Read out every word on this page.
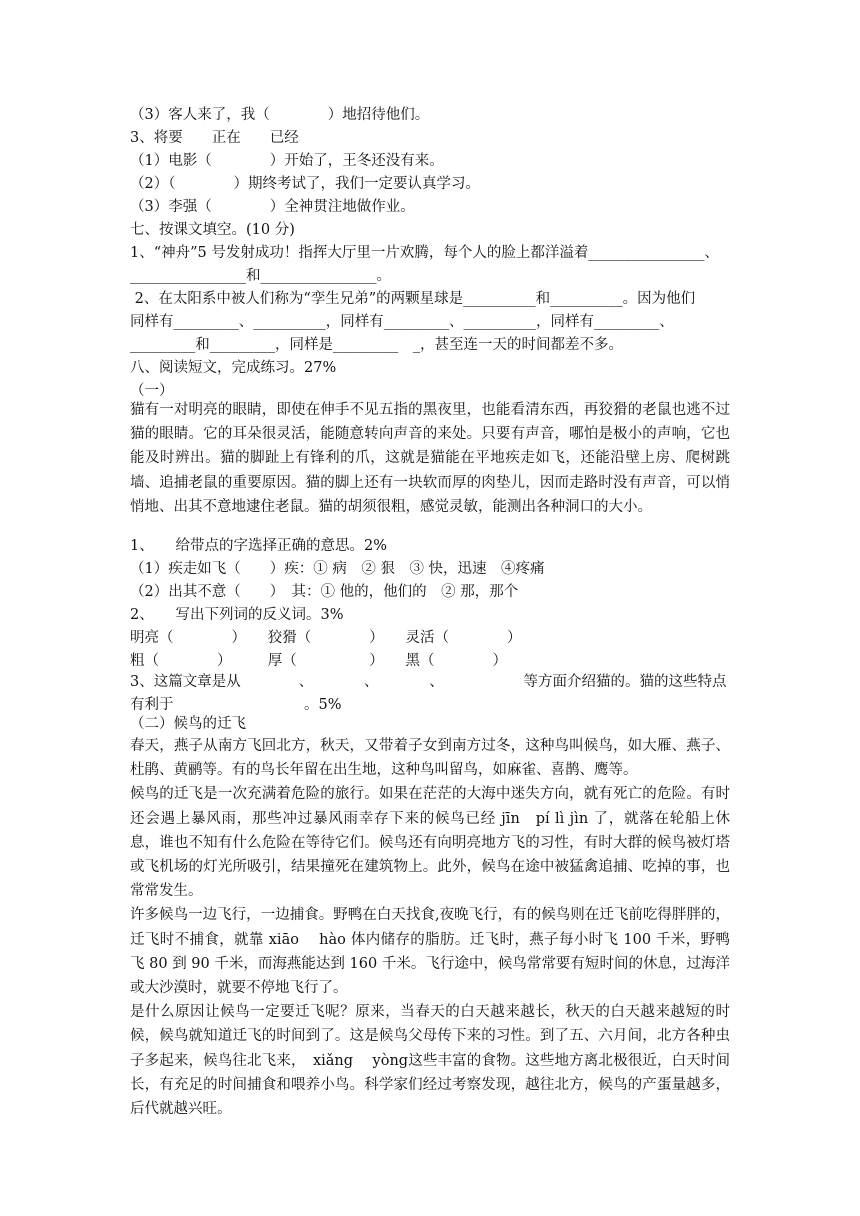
（3）客人来了，我（　　　　）地招待他们。
3、将要　　正在　　已经
（1）电影（　　　　）开始了，王冬还没有来。
（2）（　　　　）期终考试了，我们一定要认真学习。
（3）李强（　　　　）全神贯注地做作业。
七、按课文填空。(10 分)
1、“神舟”5 号发射成功！指挥大厅里一片欢腾，每个人的脸上都洋溢着________________、
________________和________________。
2、在太阳系中被人们称为“孪生兄弟”的两颗星球是__________和__________。因为他们
同样有_________、__________，同样有_________、__________，同样有_________、
_________和_________，同样是_________　_，甚至连一天的时间都差不多。
八、阅读短文，完成练习。27%
（一）

猫有一对明亮的眼睛，即使在伸手不见五指的黑夜里，也能看清东西，再狡猾的老鼠也逃不过猫的眼睛。它的耳朵很灵活，能随意转向声音的来处。只要有声音，哪怕是极小的声响，它也能及时辨出。猫的脚趾上有锋利的爪，这就是猫能在平地疾走如飞，还能沿壁上房、爬树跳墙、追捕老鼠的重要原因。猫的脚上还有一块软而厚的肉垫儿，因而走路时没有声音，可以悄悄地、出其不意地逮住老鼠。猫的胡须很粗，感觉灵敏，能测出各种洞口的大小。

1、　　给带点的字选择正确的意思。2%
（1）疾走如飞（　　）疾：① 病　② 狠　③ 快，迅速　④疼痛
（2）出其不意（　　）　其：① 他的，他们的　② 那，那个
2、　　写出下列词的反义词。3%
明亮（　　　　）　　狡猾（　　　　）　　灵活（　　　　）
粗（　　　　）　　　厚（　　　　　）　　黑（　　　　）
3、这篇文章是从　　　　、　　　　、　　　　、　　　　　　等方面介绍猫的。猫的这些特点
有利于　　　　　　　　　。5%
（二）候鸟的迁飞

春天，燕子从南方飞回北方，秋天，又带着子女到南方过冬，这种鸟叫候鸟，如大雁、燕子、杜鹃、黄鹂等。有的鸟长年留在出生地，这种鸟叫留鸟，如麻雀、喜鹊、鹰等。

候鸟的迁飞是一次充满着危险的旅行。如果在茫茫的大海中迷失方向，就有死亡的危险。有时还会遇上暴风雨，那些冲过暴风雨幸存下来的候鸟已经 jīn　pí lì jìn 了，就落在轮船上休息，谁也不知有什么危险在等待它们。候鸟还有向明亮地方飞的习性，有时大群的候鸟被灯塔或飞机场的灯光所吸引，结果撞死在建筑物上。此外，候鸟在途中被猛禽追捕、吃掉的事，也常常发生。

许多候鸟一边飞行，一边捕食。野鸭在白天找食,夜晚飞行，有的候鸟则在迁飞前吃得胖胖的，迁飞时不捕食，就靠 xiāo　 hào 体内储存的脂肪。迁飞时，燕子每小时飞 100 千米，野鸭飞 80 到 90 千米，而海燕能达到 160 千米。飞行途中，候鸟常常要有短时间的休息，过海洋或大沙漠时，就要不停地飞行了。

是什么原因让候鸟一定要迁飞呢？原来，当春天的白天越来越长，秋天的白天越来越短的时候，候鸟就知道迁飞的时间到了。这是候鸟父母传下来的习性。到了五、六月间，北方各种虫子多起来，候鸟往北飞来，　xiǎng　 yòng这些丰富的食物。这些地方离北极很近，白天时间长，有充足的时间捕食和喂养小鸟。科学家们经过考察发现，越往北方，候鸟的产蛋量越多，后代就越兴旺。
